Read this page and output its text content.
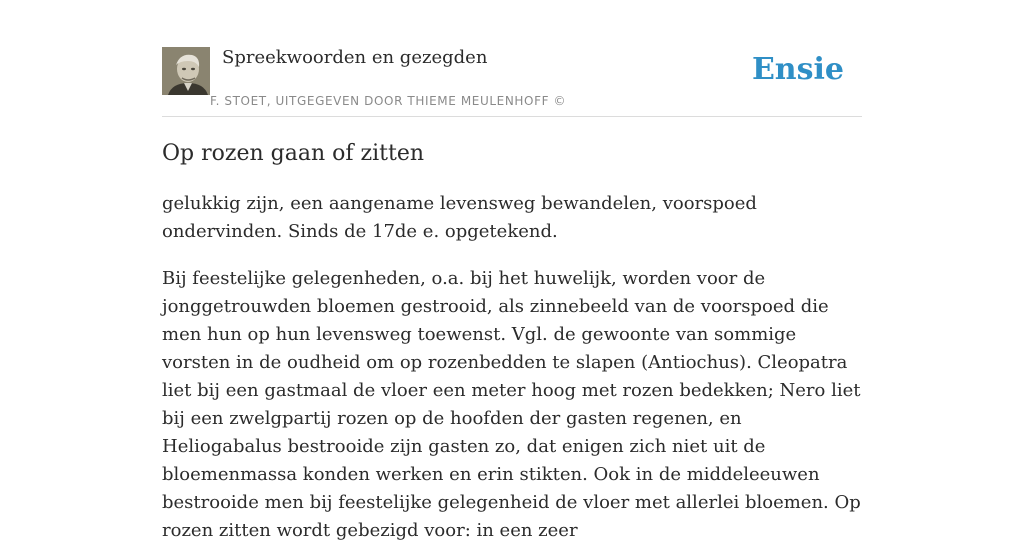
Spreekwoorden en gezegden
F. STOET, UITGEGEVEN DOOR THIEME MEULENHOFF ©
Ensie
Op rozen gaan of zitten

gelukkig zijn, een aangename levensweg bewandelen, voorspoed ondervinden. Sinds de 17de e. opgetekend.

Bij feestelijke gelegenheden, o.a. bij het huwelijk, worden voor de jonggetrouwden bloemen gestrooid, als zinnebeeld van de voorspoed die men hun op hun levensweg toewenst. Vgl. de gewoonte van sommige vorsten in de oudheid om op rozenbedden te slapen (Antiochus). Cleopatra liet bij een gastmaal de vloer een meter hoog met rozen bedekken; Nero liet bij een zwelgpartij rozen op de hoofden der gasten regenen, en Heliogabalus bestrooide zijn gasten zo, dat enigen zich niet uit de bloemenmassa konden werken en erin stikten. Ook in de middeleeuwen bestrooide men bij feestelijke gelegenheid de vloer met allerlei bloemen. Op rozen zitten wordt gebezigd voor: in een zeer
